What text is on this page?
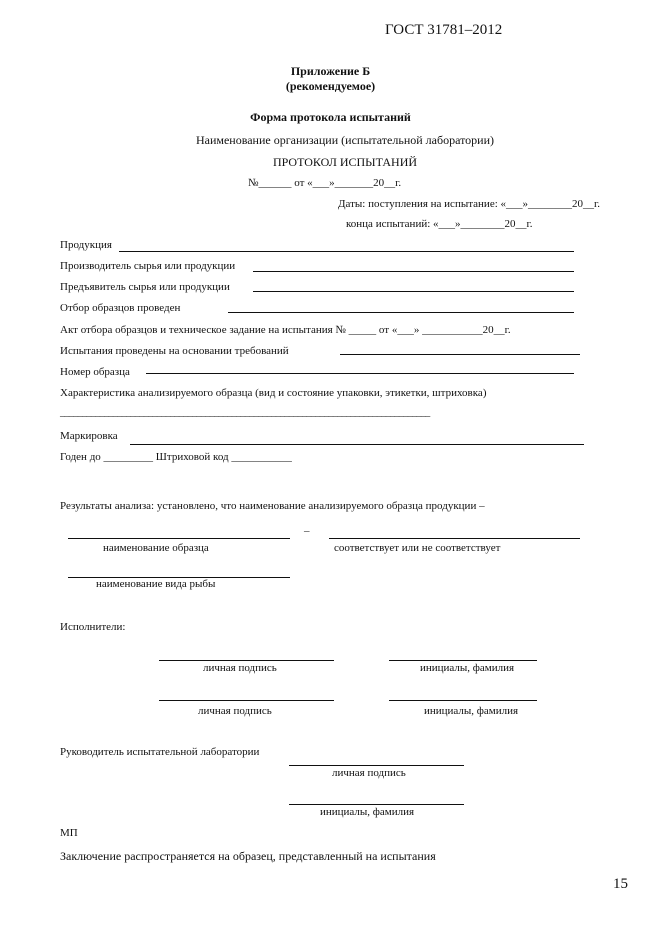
ГОСТ 31781–2012
Приложение Б
(рекомендуемое)
Форма протокола испытаний
Наименование организации (испытательной лаборатории)
ПРОТОКОЛ ИСПЫТАНИЙ
№______ от «___»_______20__г.
Даты: поступления на испытание: «___»________20__г.
конца испытаний: «___»________20__г.
Продукция
Производитель сырья или продукции
Предъявитель сырья или продукции
Отбор образцов проведен
Акт отбора образцов и техническое задание на испытания № _____ от «___» ___________20__г.
Испытания проведены на основании требований
Номер образца
Характеристика анализируемого образца (вид и состояние упаковки, этикетки, штриховка)
____________________________________________________________________________________
Маркировка
Годен до _________ Штриховой код ___________
Результаты анализа: установлено, что наименование анализируемого образца продукции –
–
наименование образца	соответствует или не соответствует
наименование вида рыбы
Исполнители:
личная подпись	инициалы, фамилия
личная подпись	инициалы, фамилия
Руководитель испытательной лаборатории
личная подпись
инициалы, фамилия
МП
Заключение распространяется на образец, представленный на испытания
15
